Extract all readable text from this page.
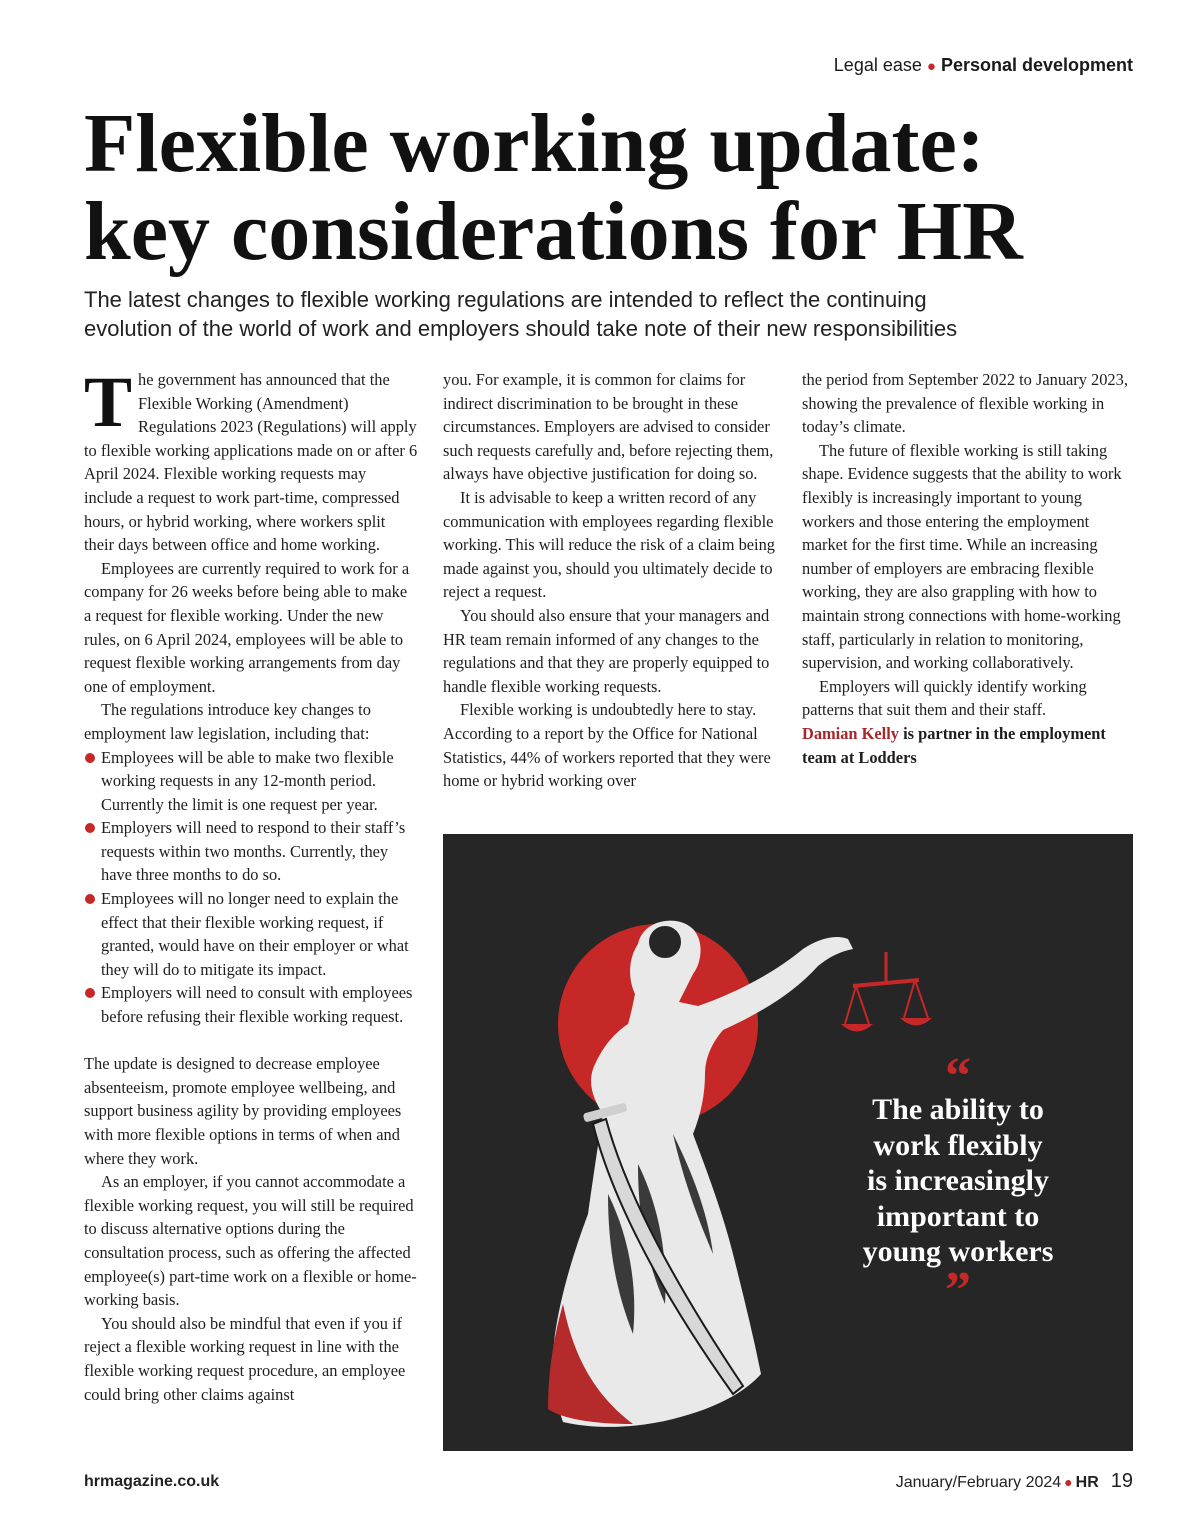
Legal ease ● Personal development
Flexible working update:
key considerations for HR
The latest changes to flexible working regulations are intended to reflect the continuing
evolution of the world of work and employers should take note of their new responsibilities

The government has announced that the Flexible Working (Amendment) Regulations 2023 (Regulations) will apply to flexible working applications made on or after 6 April 2024. Flexible working requests may include a request to work part-time, compressed hours, or hybrid working, where workers split their days between office and home working.

Employees are currently required to work for a company for 26 weeks before being able to make a request for flexible working. Under the new rules, on 6 April 2024, employees will be able to request flexible working arrangements from day one of employment.

The regulations introduce key changes to employment law legislation, including that:

Employees will be able to make two flexible working requests in any 12-month period. Currently the limit is one request per year.
Employers will need to respond to their staff’s requests within two months. Currently, they have three months to do so.
Employees will no longer need to explain the effect that their flexible working request, if granted, would have on their employer or what they will do to mitigate its impact.
Employers will need to consult with employees before refusing their flexible working request.

The update is designed to decrease employee absenteeism, promote employee wellbeing, and support business agility by providing employees with more flexible options in terms of when and where they work.

As an employer, if you cannot accommodate a flexible working request, you will still be required to discuss alternative options during the consultation process, such as offering the affected employee(s) part-time work on a flexible or home-working basis.

You should also be mindful that even if you if reject a flexible working request in line with the flexible working request procedure, an employee could bring other claims against

you. For example, it is common for claims for indirect discrimination to be brought in these circumstances. Employers are advised to consider such requests carefully and, before rejecting them, always have objective justification for doing so.

It is advisable to keep a written record of any communication with employees regarding flexible working. This will reduce the risk of a claim being made against you, should you ultimately decide to reject a request.

You should also ensure that your managers and HR team remain informed of any changes to the regulations and that they are properly equipped to handle flexible working requests.

Flexible working is undoubtedly here to stay. According to a report by the Office for National Statistics, 44% of workers reported that they were home or hybrid working over

the period from September 2022 to January 2023, showing the prevalence of flexible working in today’s climate.

The future of flexible working is still taking shape. Evidence suggests that the ability to work flexibly is increasingly important to young workers and those entering the employment market for the first time. While an increasing number of employers are embracing flexible working, they are also grappling with how to maintain strong connections with home-working staff, particularly in relation to monitoring, supervision, and working collaboratively.

Employers will quickly identify working patterns that suit them and their staff.

Damian Kelly is partner in the employment team at Lodders

“
The ability to
work flexibly
is increasingly
important to
young workers
”
hrmagazine.co.uk	January/February 2024 ● HR 19
